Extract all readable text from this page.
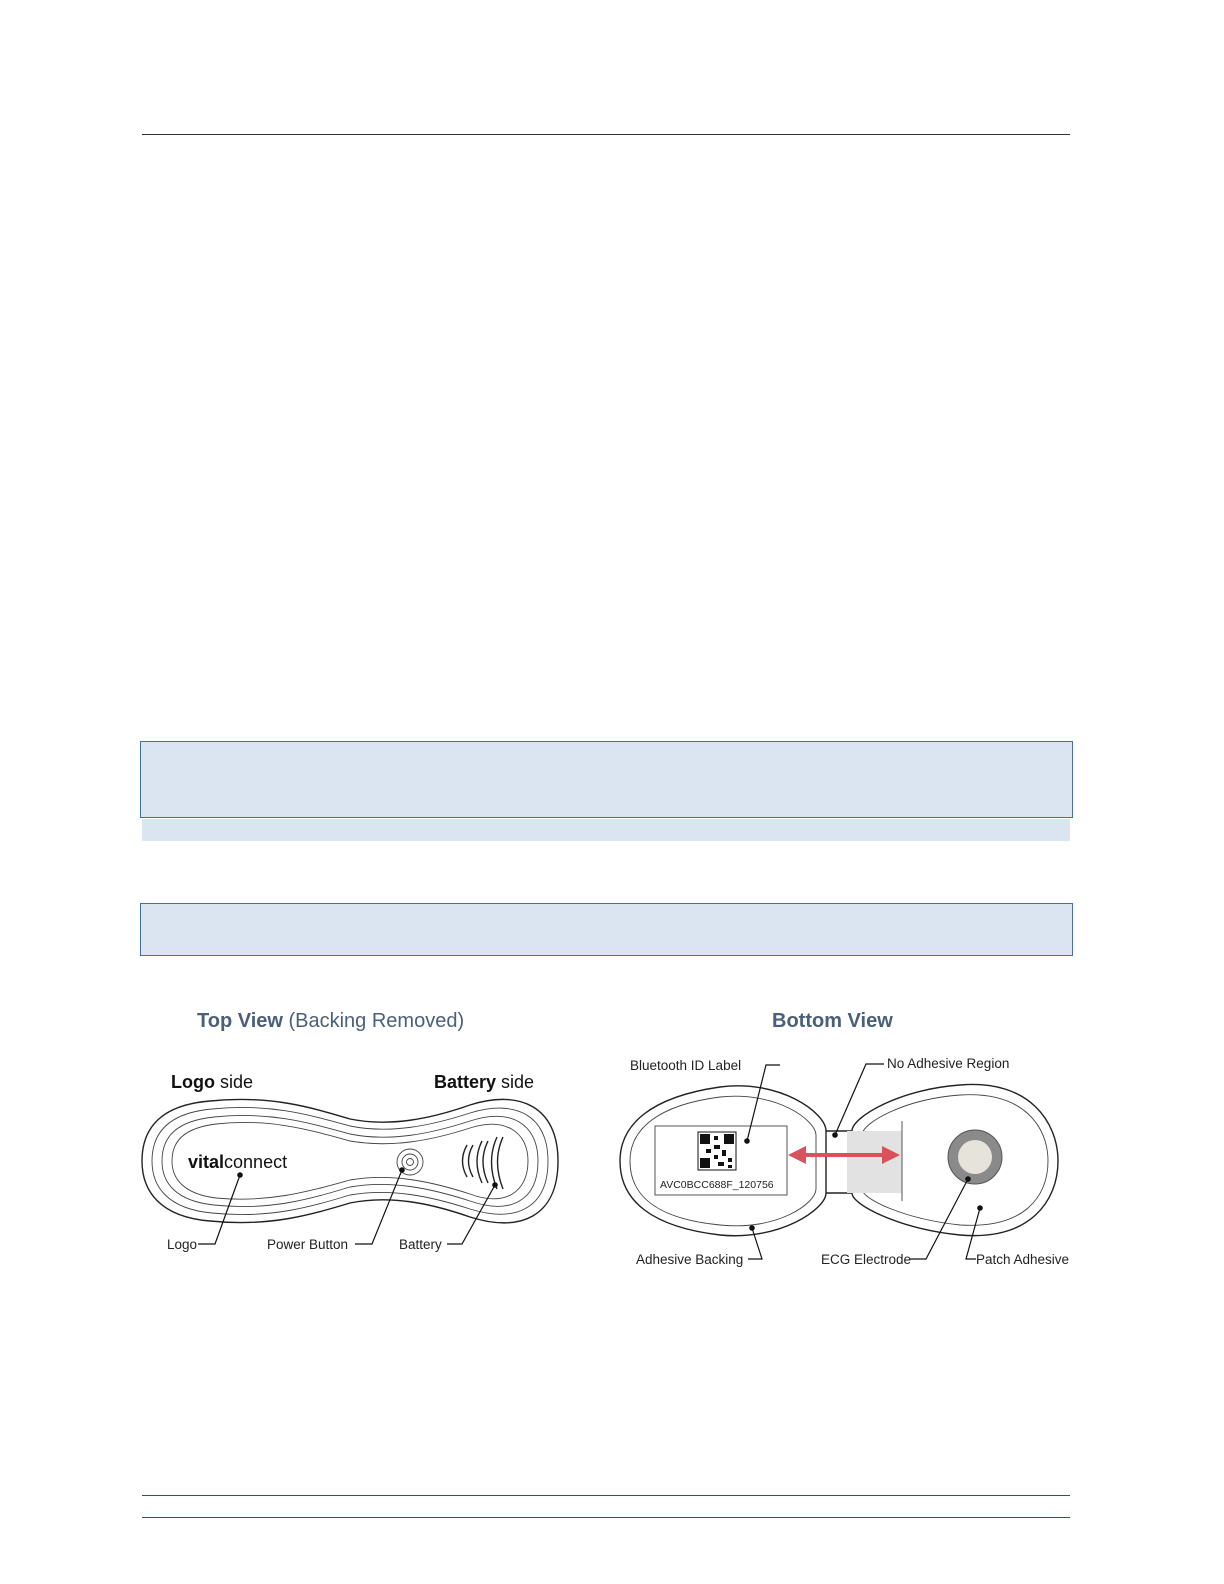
Top View (Backing Removed)
Logo side	Battery side
vitalconnect
Logo	Power Button	Battery
Bottom View
AVC0BCC688F_120756
Bluetooth ID Label	No Adhesive Region
Adhesive Backing	ECG Electrode	Patch Adhesive
